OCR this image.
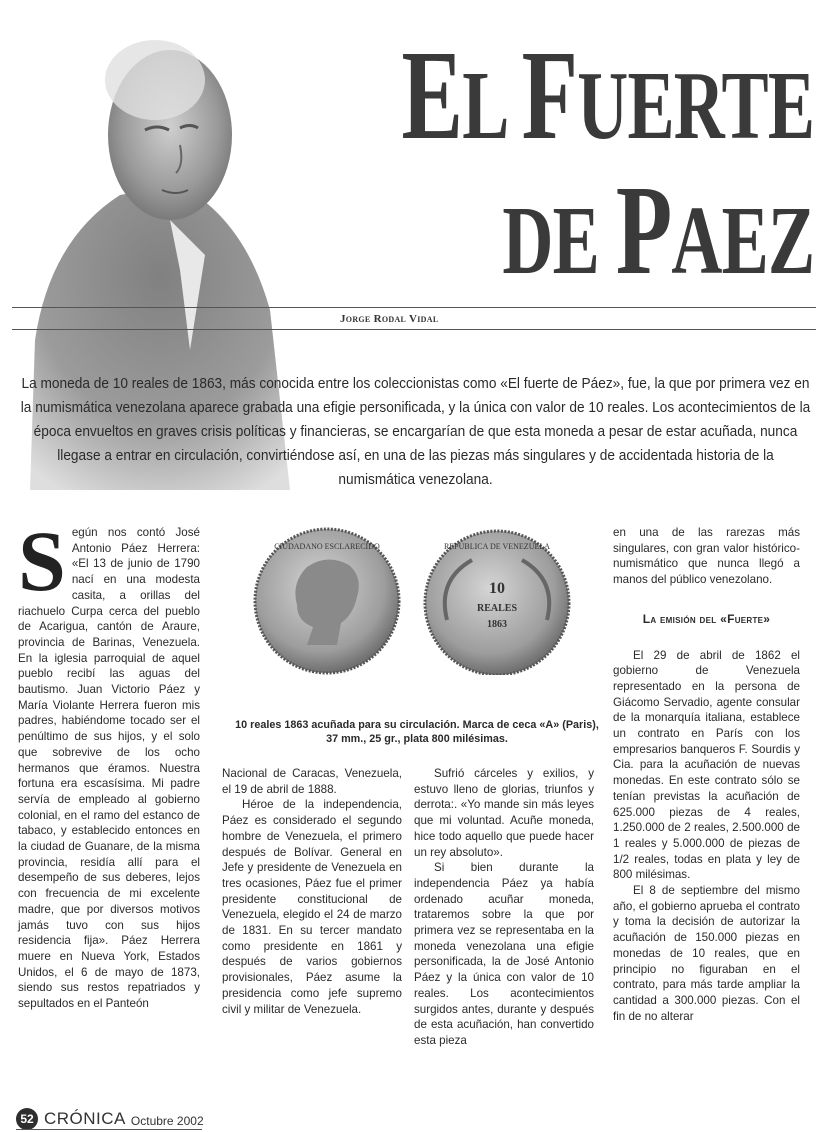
EL FUERTE
DE PAEZ
Jorge Rodal Vidal
La moneda de 10 reales de 1863, más conocida entre los coleccionistas como «El fuerte de Páez», fue, la que por primera vez en la numismática venezolana aparece grabada una efigie personificada, y la única con valor de 10 reales. Los acontecimientos de la época envueltos en graves crisis políticas y financieras, se encargarían de que esta moneda a pesar de estar acuñada, nunca llegase a entrar en circulación, convirtiéndose así, en una de las piezas más singulares y de accidentada historia de la numismática venezolana.

Según nos contó José Antonio Páez Herrera: «El 13 de junio de 1790 nací en una modesta casita, a orillas del riachuelo Curpa cerca del pueblo de Acarigua, cantón de Araure, provincia de Barinas, Venezuela. En la iglesia parroquial de aquel pueblo recibí las aguas del bautismo. Juan Victorio Páez y María Violante Herrera fueron mis padres, habiéndome tocado ser el penúltimo de sus hijos, y el solo que sobrevive de los ocho hermanos que éramos. Nuestra fortuna era escasísima. Mi padre servía de empleado al gobierno colonial, en el ramo del estanco de tabaco, y establecido entonces en la ciudad de Guanare, de la misma provincia, residía allí para el desempeño de sus deberes, lejos con frecuencia de mi excelente madre, que por diversos motivos jamás tuvo con sus hijos residencia fija». Páez Herrera muere en Nueva York, Estados Unidos, el 6 de mayo de 1873, siendo sus restos repatriados y sepultados en el Panteón

CIUDADANO ESCLARECIDO	REPUBLICA DE VENEZUELA
10
REALES
1863
10 reales 1863 acuñada para su circulación. Marca de ceca «A» (Paris),
37 mm., 25 gr., plata 800 milésimas.

Nacional de Caracas, Venezuela, el 19 de abril de 1888.

Héroe de la independencia, Páez es considerado el segundo hombre de Venezuela, el primero después de Bolívar. General en Jefe y presidente de Venezuela en tres ocasiones, Páez fue el primer presidente constitucional de Venezuela, elegido el 24 de marzo de 1831. En su tercer mandato como presidente en 1861 y después de varios gobiernos provisionales, Páez asume la presidencia como jefe supremo civil y militar de Venezuela.

Sufrió cárceles y exilios, y estuvo lleno de glorias, triunfos y derrota:. «Yo mande sin más leyes que mi voluntad. Acuñe moneda, hice todo aquello que puede hacer un rey absoluto».

Si bien durante la independencia Páez ya había ordenado acuñar moneda, trataremos sobre la que por primera vez se representaba en la moneda venezolana una efigie personificada, la de José Antonio Páez y la única con valor de 10 reales. Los acontecimientos surgidos antes, durante y después de esta acuñación, han convertido esta pieza

en una de las rarezas más singulares, con gran valor histórico-numismático que nunca llegó a manos del público venezolano.

La emisión del «Fuerte»

El 29 de abril de 1862 el gobierno de Venezuela representado en la persona de Giácomo Servadio, agente consular de la monarquía italiana, establece un contrato en París con los empresarios banqueros F. Sourdis y Cia. para la acuñación de nuevas monedas. En este contrato sólo se tenían previstas la acuñación de 625.000 piezas de 4 reales, 1.250.000 de 2 reales, 2.500.000 de 1 reales y 5.000.000 de piezas de 1/2 reales, todas en plata y ley de 800 milésimas.

El 8 de septiembre del mismo año, el gobierno aprueba el contrato y toma la decisión de autorizar la acuñación de 150.000 piezas en monedas de 10 reales, que en principio no figuraban en el contrato, para más tarde ampliar la cantidad a 300.000 piezas. Con el fin de no alterar

52 CRÓNICA Octubre 2002
